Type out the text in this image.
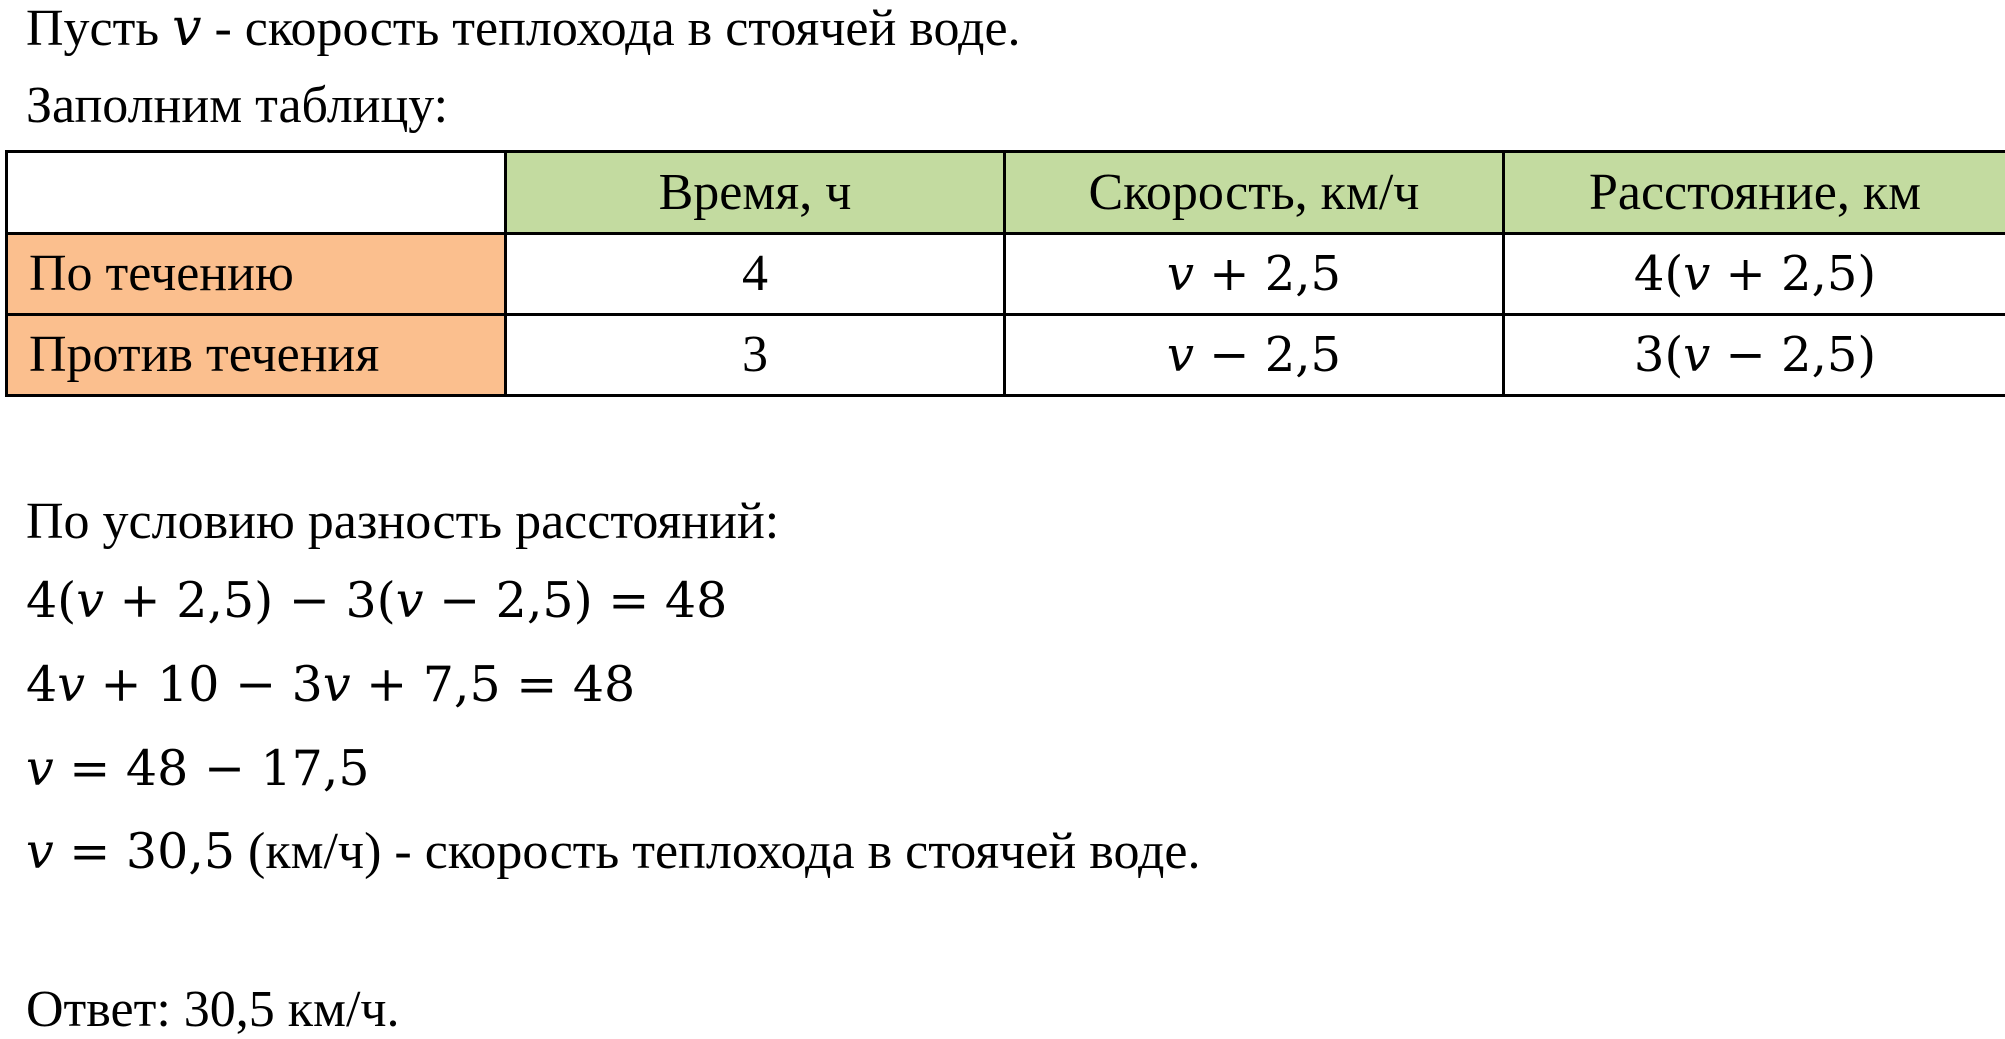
Пусть v - скорость теплохода в стоячей воде.
Заполним таблицу:
	Время, ч	Скорость, км/ч	Расстояние, км
По течению	4	v + 2,5	4(v + 2,5)
Против течения	3	v − 2,5	3(v − 2,5)
По условию разность расстояний:
4(v + 2,5) − 3(v − 2,5) = 48
4v + 10 − 3v + 7,5 = 48
v = 48 − 17,5
v = 30,5 (км/ч) - скорость теплохода в стоячей воде.
Ответ: 30,5 км/ч.
